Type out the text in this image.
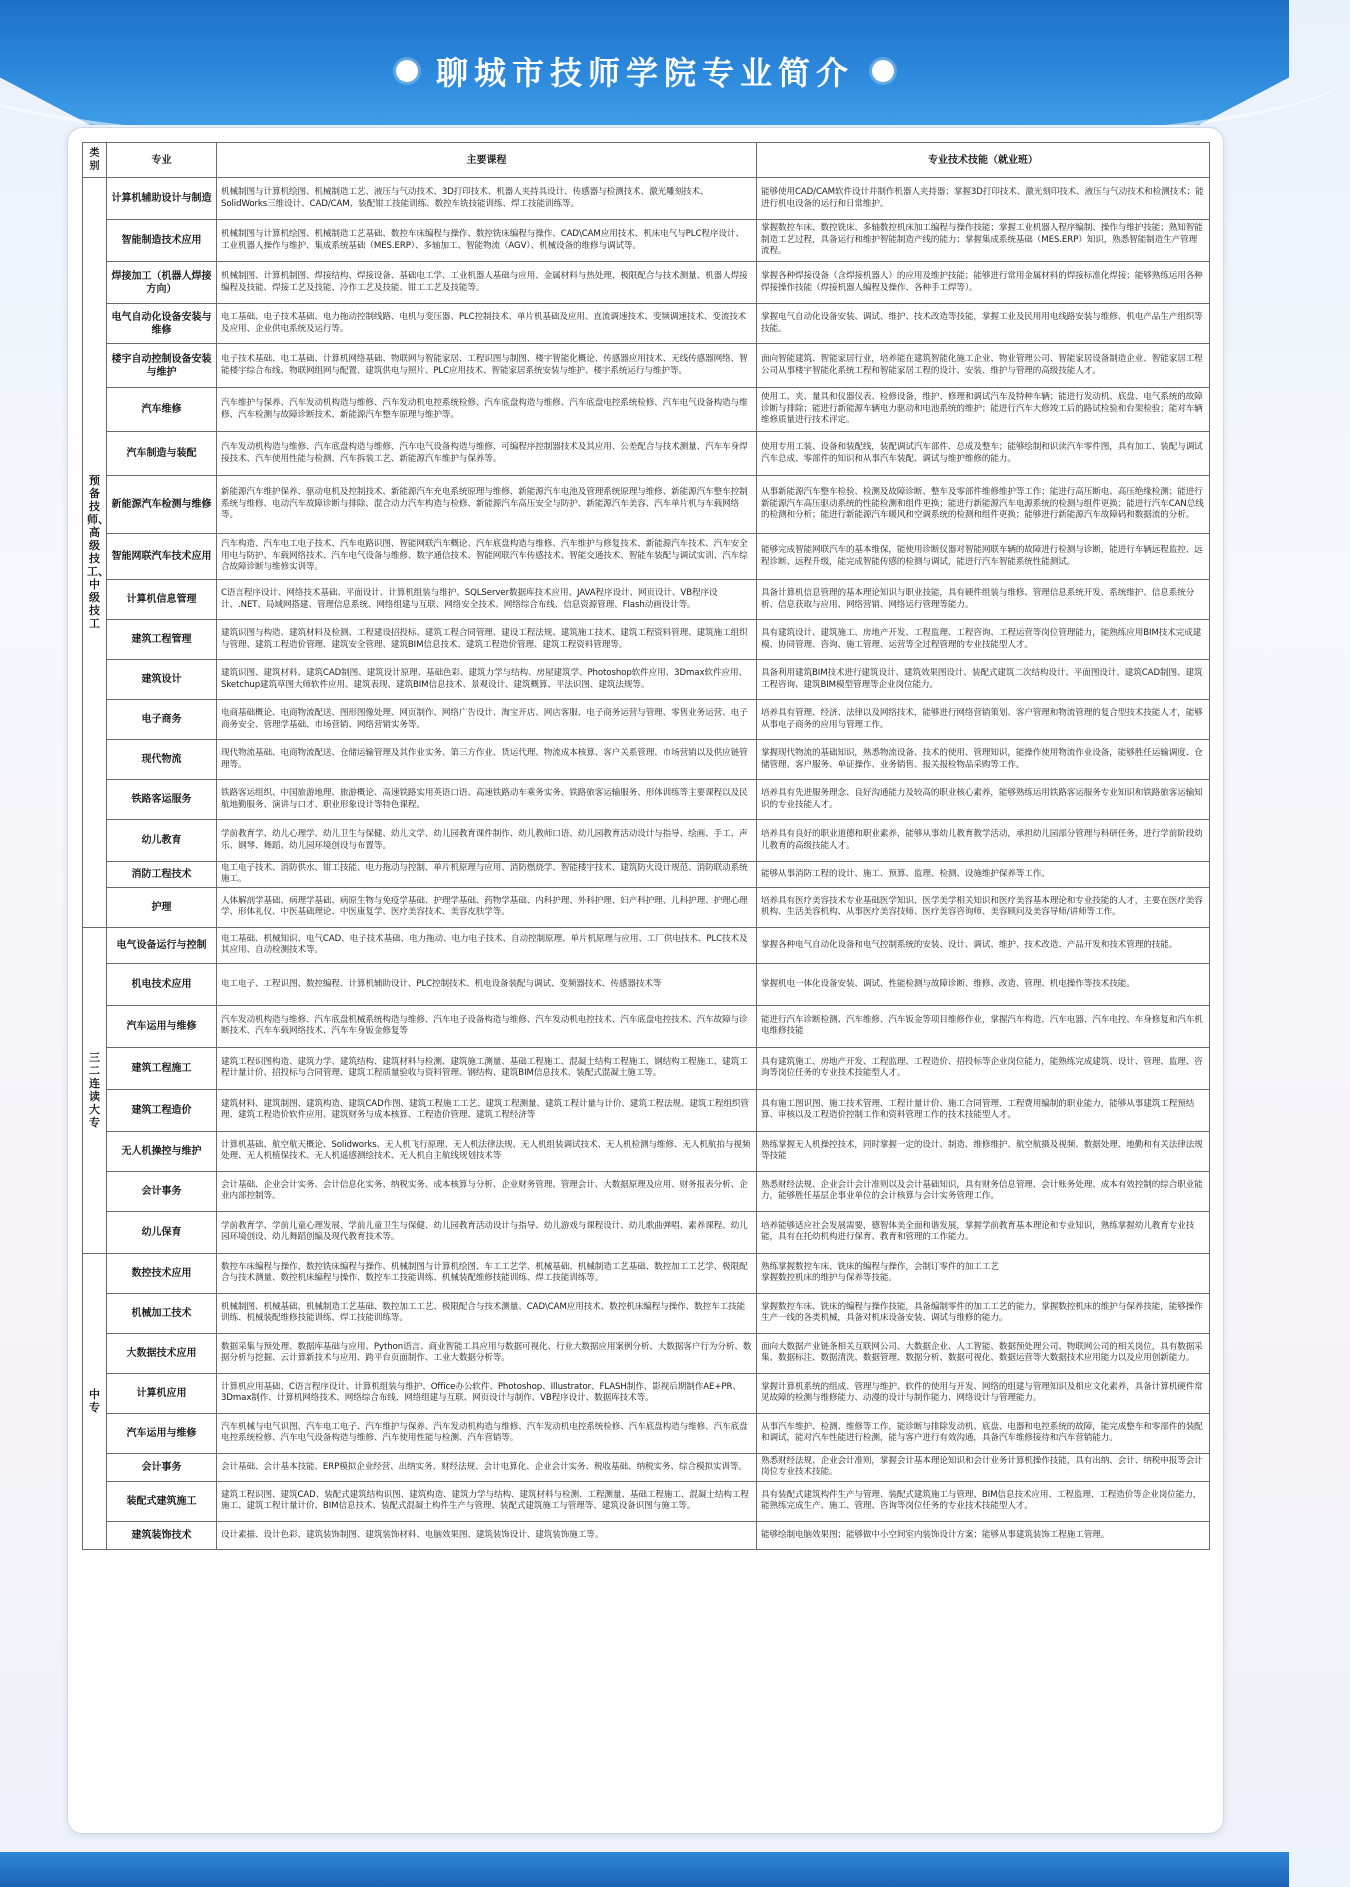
聊城市技师学院专业简介
类别	专业	主要课程	专业技术技能（就业班）
预备技师、高级技工、中级技工	计算机辅助设计与制造	机械制图与计算机绘图、机械制造工艺、液压与气动技术、3D打印技术、机器人夹持具设计、传感器与检测技术、激光雕刻技术、SolidWorks三维设计、CAD/CAM、装配钳工技能训练、数控车铣技能训练、焊工技能训练等。	能够使用CAD/CAM软件设计并制作机器人夹持器；掌握3D打印技术、激光刻印技术、液压与气动技术和检测技术；能进行机电设备的运行和日常维护。
	智能制造技术应用	机械制图与计算机绘图、机械制造工艺基础、数控车床编程与操作、数控铣床编程与操作、CAD\CAM应用技术、机床电气与PLC程序设计、工业机器人操作与维护、集成系统基础（MES.ERP）、多轴加工、智能物流（AGV）、机械设备的维修与调试等。	掌握数控车床、数控铣床、多轴数控机床加工编程与操作技能；掌握工业机器人程序编制、操作与维护技能；熟知智能制造工艺过程，具备运行和维护智能制造产线的能力；掌握集成系统基础（MES.ERP）知识，熟悉智能制造生产管理流程。
	焊接加工（机器人焊接方向）	机械制图、计算机制图、焊接结构、焊接设备、基础电工学、工业机器人基础与应用、金属材料与热处理、极限配合与技术测量、机器人焊接编程及技能、焊接工艺及技能、冷作工艺及技能、钳工工艺及技能等。	掌握各种焊接设备（含焊接机器人）的应用及维护技能；能够进行常用金属材料的焊接标准化焊接；能够熟练运用各种焊接操作技能（焊接机器人编程及操作、各种手工焊等）。
	电气自动化设备安装与维修	电工基础、电子技术基础、电力拖动控制线路、电机与变压器、PLC控制技术、单片机基础及应用、直流调速技术、变频调速技术、变流技术及应用、企业供电系统及运行等。	掌握电气自动化设备安装、调试、维护、技术改造等技能，掌握工业及民用用电线路安装与维修、机电产品生产组织等技能。
	楼宇自动控制设备安装与维护	电子技术基础、电工基础、计算机网络基础、物联网与智能家居、工程识图与制图、楼宇智能化概论、传感器应用技术、无线传感器网络、智能楼宇综合布线、物联网组网与配置、建筑供电与照片、PLC应用技术、智能家居系统安装与维护、楼宇系统运行与维护等。	面向智能建筑、智能家居行业，培养能在建筑智能化施工企业、物业管理公司、智能家居设备制造企业、智能家居工程公司从事楼宇智能化系统工程和智能家居工程的设计、安装、维护与管理的高级技能人才。
	汽车维修	汽车维护与保养、汽车发动机构造与维修、汽车发动机电控系统检修、汽车底盘构造与维修、汽车底盘电控系统检修、汽车电气设备构造与维修、汽车检测与故障诊断技术、新能源汽车整车原理与维护等。	使用工、夹、量具和仪器仪表、检修设备，维护、修理和调试汽车及特种车辆；能进行发动机、底盘、电气系统的故障诊断与排除；能进行新能源车辆电力驱动和电池系统的维护；能进行汽车大修竣工后的路试检验和台架检验；能对车辆维修质量进行技术评定。
	汽车制造与装配	汽车发动机构造与维修、汽车底盘构造与维修、汽车电气设备构造与维修、可编程序控制器技术及其应用、公差配合与技术测量、汽车车身焊接技术、汽车使用性能与检测、汽车拆装工艺、新能源汽车维护与保养等。	使用专用工装、设备和装配线，装配调试汽车部件、总成及整车；能够绘制和识读汽车零件图，具有加工、装配与调试汽车总成、零部件的知识和从事汽车装配、调试与维护维修的能力。
	新能源汽车检测与维修	新能源汽车维护保养、驱动电机及控制技术、新能源汽车充电系统原理与维修、新能源汽车电池及管理系统原理与维修、新能源汽车整车控制系统与维修、电动汽车故障诊断与排除、混合动力汽车构造与检修、新能源汽车高压安全与防护、新能源汽车美容、汽车单片机与车载网络等。	从事新能源汽车整车检验、检测及故障诊断、整车及零部件维修维护等工作；能进行高压断电、高压绝缘检测；能进行新能源汽车高压驱动系统的性能检测和组件更换；能进行新能源汽车电源系统的检测与组件更换；能进行汽车CAN总线的检测和分析；能进行新能源汽车暖风和空调系统的检测和组件更换；能够进行新能源汽车故障码和数据流的分析。
	智能网联汽车技术应用	汽车构造、汽车电工电子技术、汽车电路识图、智能网联汽车概论、汽车底盘构造与维修、汽车维护与修复技术、新能源汽车技术、汽车安全用电与防护、车载网络技术、汽车电气设备与维修、数字通信技术、智能网联汽车传感技术、智能交通技术、智能车装配与调试实训、汽车综合故障诊断与维修实训等。	能够完成智能网联汽车的基本维保，能使用诊断仪器对智能网联车辆的故障进行检测与诊断，能进行车辆远程监控、远程诊断、远程升级，能完成智能传感的检测与调试，能进行汽车智能系统性能测试。
	计算机信息管理	C语言程序设计、网络技术基础、平面设计、计算机组装与维护、SQLServer数据库技术应用、JAVA程序设计、网页设计、VB程序设计、.NET、局域网搭建、管理信息系统、网络组建与互联、网络安全技术、网络综合布线、信息资源管理、Flash动画设计等。	具备计算机信息管理的基本理论知识与职业技能，具有硬件组装与维修、管理信息系统开发、系统维护、信息系统分析、信息获取与应用、网络营销、网络运行管理等能力。
	建筑工程管理	建筑识图与构造、建筑材料及检测、工程建设招投标、建筑工程合同管理、建设工程法规、建筑施工技术、建筑工程资料管理、建筑施工组织与管理、建筑工程造价管理、建筑安全管理、建筑BIM信息技术、建筑工程造价管理、建筑工程资料管理等。	具有建筑设计、建筑施工、房地产开发、工程监理、工程咨询、工程运营等岗位管理能力，能熟练应用BIM技术完成建模、协同管理、咨询、施工管理、运营等全过程管理的专业技能型人才。
	建筑设计	建筑识图、建筑材料、建筑CAD制图、建筑设计原理、基础色彩、建筑力学与结构、房屋建筑学、Photoshop软件应用、3Dmax软件应用、Sketchup建筑草图大师软件应用、建筑表现、建筑BIM信息技术、景观设计、建筑概算、平法识图、建筑法规等。	具备利用建筑BIM技术进行建筑设计、建筑效果图设计、装配式建筑二次结构设计、平面图设计、建筑CAD制图、建筑工程咨询、建筑BIM模型管理等企业岗位能力。
	电子商务	电商基础概论、电商物流配送、图形图像处理、网页制作、网络广告设计、淘宝开店、网店客服、电子商务运营与管理、零售业务运营、电子商务安全、管理学基础、市场营销、网络营销实务等。	培养具有管理、经济、法律以及网络技术，能够进行网络营销策划、客户管理和物流管理的复合型技术技能人才，能够从事电子商务的应用与管理工作。
	现代物流	现代物流基础、电商物流配送、仓储运输管理及其作业实务、第三方作业、货运代理、物流成本核算、客户关系管理、市场营销以及供应链管理等。	掌握现代物流的基础知识，熟悉物流设备、技术的使用、管理知识，能操作使用物流作业设备，能够胜任运输调度、仓储管理、客户服务、单证操作、业务销售、报关报检物品采购等工作。
	铁路客运服务	铁路客运组织、中国旅游地理、旅游概论、高速铁路实用英语口语、高速铁路动车乘务实务、铁路旅客运输服务、形体训练等主要课程以及民航地勤服务、演讲与口才、职业形象设计等特色课程。	培养具有先进服务理念、良好沟通能力及较高的职业核心素养，能够熟练运用铁路客运服务专业知识和铁路旅客运输知识的专业技能人才。
	幼儿教育	学前教育学、幼儿心理学、幼儿卫生与保健、幼儿文学、幼儿园教育课件制作、幼儿教师口语、幼儿园教育活动设计与指导、绘画、手工、声乐、钢琴、舞蹈、幼儿园环境创设与布置等。	培养具有良好的职业道德和职业素养，能够从事幼儿教育教学活动，承担幼儿园部分管理与科研任务，进行学前阶段幼儿教育的高级技能人才。
	消防工程技术	电工电子技术、消防供水、钳工技能、电力拖动与控制、单片机原理与应用、消防燃烧学、智能楼宇技术、建筑防火设计规范、消防联动系统施工。	能够从事消防工程的设计、施工、预算、监理、检测、设施维护保养等工作。
	护理	人体解剖学基础、病理学基础、病原生物与免疫学基础、护理学基础、药物学基础、内科护理、外科护理、妇产科护理、儿科护理、护理心理学、形体礼仪、中医基础理论、中医康复学、医疗美容技术、美容皮肤学等。	培养具有医疗美容技术专业基础医学知识、医学美学相关知识和医疗美容基本理论和专业技能的人才，主要在医疗美容机构、生活美容机构、从事医疗美容技师、医疗美容咨询师、美容顾问及美容导师/讲师等工作。
三二连读大专	电气设备运行与控制	电工基础、机械知识、电气CAD、电子技术基础、电力拖动、电力电子技术、自动控制原理、单片机原理与应用、工厂供电技术、PLC技术及其应用、自动检测技术等。	掌握各种电气自动化设备和电气控制系统的安装、设计、调试、维护、技术改造、产品开发和技术管理的技能。
	机电技术应用	电工电子、工程识图、数控编程、计算机辅助设计、PLC控制技术、机电设备装配与调试、变频器技术、传感器技术等	掌握机电一体化设备安装、调试、性能检测与故障诊断、维修、改造、管理、机电操作等技术技能。
	汽车运用与维修	汽车发动机构造与维修、汽车底盘机械系统构造与维修、汽车电子设备构造与维修、汽车发动机电控技术、汽车底盘电控技术、汽车故障与诊断技术、汽车车载网络技术、汽车车身钣金修复等	能进行汽车诊断检测、汽车维修、汽车钣金等项目维修作业，掌握汽车构造、汽车电器、汽车电控、车身修复和汽车机电维修技能
	建筑工程施工	建筑工程识图构造、建筑力学、建筑结构、建筑材料与检测、建筑施工测量、基础工程施工、混凝土结构工程施工、钢结构工程施工、建筑工程计量计价、招投标与合同管理、建筑工程质量验收与资料管理、钢结构、建筑BIM信息技术、装配式混凝土施工等。	具有建筑施工、房地产开发、工程监理、工程造价、招投标等企业岗位能力，能熟练完成建筑、设计、管理、监理、咨询等岗位任务的专业技术技能型人才。
	建筑工程造价	建筑材料、建筑制图、建筑构造、建筑CAD作图、建筑工程施工工艺、建筑工程测量、建筑工程计量与计价、建筑工程法规、建筑工程组织管理、建筑工程造价软件应用、建筑财务与成本核算、工程造价管理、建筑工程经济等	具有施工图识图、施工技术管理、工程计量计价、施工合同管理、工程费用编制的职业能力，能够从事建筑工程预结算、审核以及工程造价控制工作和资料管理工作的技术技能型人才。
	无人机操控与维护	计算机基础、航空航天概论、Solidworks、无人机飞行原理、无人机法律法规、无人机组装调试技术、无人机检测与维修、无人机航拍与视频处理、无人机植保技术、无人机遥感测绘技术、无人机自主航线规划技术等	熟练掌握无人机操控技术，同时掌握一定的设计、制造、维修维护、航空航摄及视频、数据处理、地勤和有关法律法规等技能
	会计事务	会计基础、企业会计实务、会计信息化实务、纳税实务、成本核算与分析、企业财务管理、管理会计、大数据原理及应用、财务报表分析、企业内部控制等。	熟悉财经法规、企业会计会计准则以及会计基础知识，具有财务信息管理、会计账务处理、成本有效控制的综合职业能力，能够胜任基层企事业单位的会计核算与会计实务管理工作。
	幼儿保育	学前教育学、学前儿童心理发展、学前儿童卫生与保健、幼儿园教育活动设计与指导、幼儿游戏与课程设计、幼儿歌曲弹唱、素养课程、幼儿园环境创设、幼儿舞蹈创编及现代教育技术等。	培养能够适应社会发展需要，德智体美全面和谐发展，掌握学前教育基本理论和专业知识，熟练掌握幼儿教育专业技能，具有在托幼机构进行保育、教育和管理的工作能力。
中专	数控技术应用	数控车床编程与操作、数控铣床编程与操作、机械制图与计算机绘图、车工工艺学、机械基础、机械制造工艺基础、数控加工工艺学、极限配合与技术测量、数控机床编程与操作、数控车工技能训练、机械装配维修技能训练、焊工技能训练等。	熟练掌握数控车床、铣床的编程与操作，会制订零件的加工工艺
掌握数控机床的维护与保养等技能。
	机械加工技术	机械制图、机械基础、机械制造工艺基础、数控加工工艺、极限配合与技术测量、CAD\CAM应用技术、数控机床编程与操作、数控车工技能训练、机械装配维修技能训练、焊工技能训练等。	掌握数控车床、铣床的编程与操作技能，具备编制零件的加工工艺的能力，掌握数控机床的维护与保养技能，能够操作生产一线的各类机械，具备对机床设备安装、调试与维修的能力。
	大数据技术应用	数据采集与预处理、数据库基础与应用、Python语言、商业智能工具应用与数据可视化、行业大数据应用案例分析、大数据客户行为分析、数据分析与挖掘、云计算新技术与应用、跨平台页面制作、工业大数据分析等。	面向大数据产业链条相关互联网公司、大数据企业、人工智能、数据预处理公司、物联网公司的相关岗位，具有数据采集、数据标注、数据清洗、数据管理、数据分析、数据可视化、数据运营等大数据技术应用能力以及应用创新能力。
	计算机应用	计算机应用基础、C语言程序设计、计算机组装与维护、Office办公软件、Photoshop、Illustrator、FLASH制作、影视后期制作AE+PR、3Dmax制作、计算机网络技术、网络综合布线、网络组建与互联、网页设计与制作、VB程序设计、数据库技术等。	掌握计算机系统的组成、管理与维护、软件的使用与开发、网络的组建与管理知识及相应文化素养，具备计算机硬件常见故障的检测与维修能力、动漫的设计与制作能力、网络设计与管理能力。
	汽车运用与维修	汽车机械与电气识图、汽车电工电子、汽车维护与保养、汽车发动机构造与维修、汽车发动机电控系统检修、汽车底盘构造与维修、汽车底盘电控系统检修、汽车电气设备构造与维修、汽车使用性能与检测、汽车营销等。	从事汽车维护、检测、维修等工作，能诊断与排除发动机、底盘、电器和电控系统的故障，能完成整车和零部件的装配和调试，能对汽车性能进行检测，能与客户进行有效沟通，具备汽车维修接待和汽车营销能力。
	会计事务	会计基础、会计基本技能、ERP模拟企业经营、出纳实务、财经法规、会计电算化、企业会计实务、税收基础、纳税实务、综合模拟实训等。	熟悉财经法规、企业会计准则，掌握会计基本理论知识和会计业务计算机操作技能，具有出纳、会计、纳税申报等会计岗位专业技术技能。
	装配式建筑施工	建筑工程识图、建筑CAD、装配式建筑结构识图、建筑构造、建筑力学与结构、建筑材料与检测、工程测量、基础工程施工、混凝土结构工程施工、建筑工程计量计价、BIM信息技术、装配式混凝土构件生产与管理、装配式建筑施工与管理等、建筑设备识图与施工等。	具有装配式建筑构件生产与管理、装配式建筑施工与管理、BIM信息技术应用、工程监理、工程造价等企业岗位能力，能熟练完成生产、施工、管理、咨询等岗位任务的专业技术技能型人才。
	建筑装饰技术	设计素描、设计色彩、建筑装饰制图、建筑装饰材料、电脑效果图、建筑装饰设计、建筑装饰施工等。	能够绘制电脑效果图；能够做中小空间室内装饰设计方案；能够从事建筑装饰工程施工管理。
